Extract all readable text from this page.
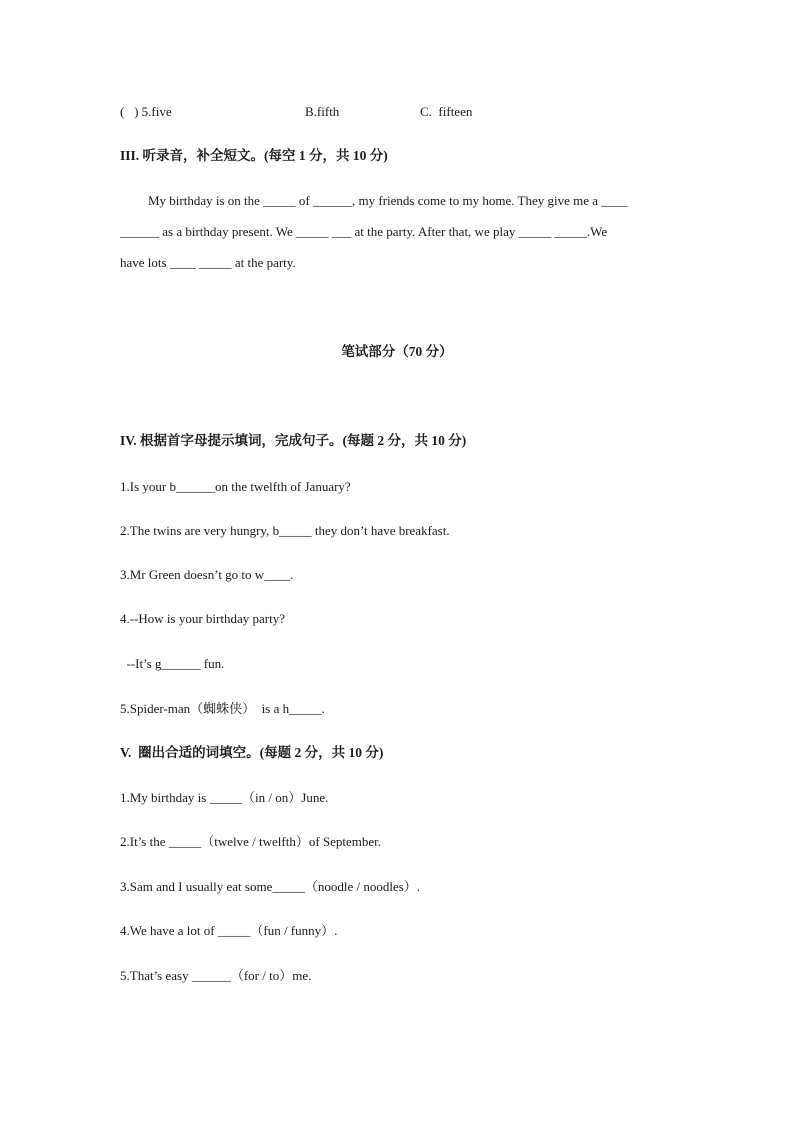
(   ) 5.five	B.fifth	C.  fifteen
III. 听录音，补全短文。(每空 1 分，共 10 分)
My birthday is on the _____ of ______, my friends come to my home. They give me a ____
______ as a birthday present. We _____ ___ at the party. After that, we play _____ _____.We
have lots ____ _____ at the party.
笔试部分（70 分）
IV. 根据首字母提示填词，完成句子。(每题 2 分，共 10 分)
1.Is your b______on the twelfth of January?
2.The twins are very hungry, b_____ they don’t have breakfast.
3.Mr Green doesn’t go to w____.
4.--How is your birthday party?
--It’s g______ fun.
5.Spider-man（蜘蛛侠）  is a h_____.
V.  圈出合适的词填空。(每题 2 分，共 10 分)
1.My birthday is _____（in / on）June.
2.It’s the _____（twelve / twelfth）of September.
3.Sam and I usually eat some_____（noodle / noodles）.
4.We have a lot of _____（fun / funny）.
5.That’s easy ______（for / to）me.
